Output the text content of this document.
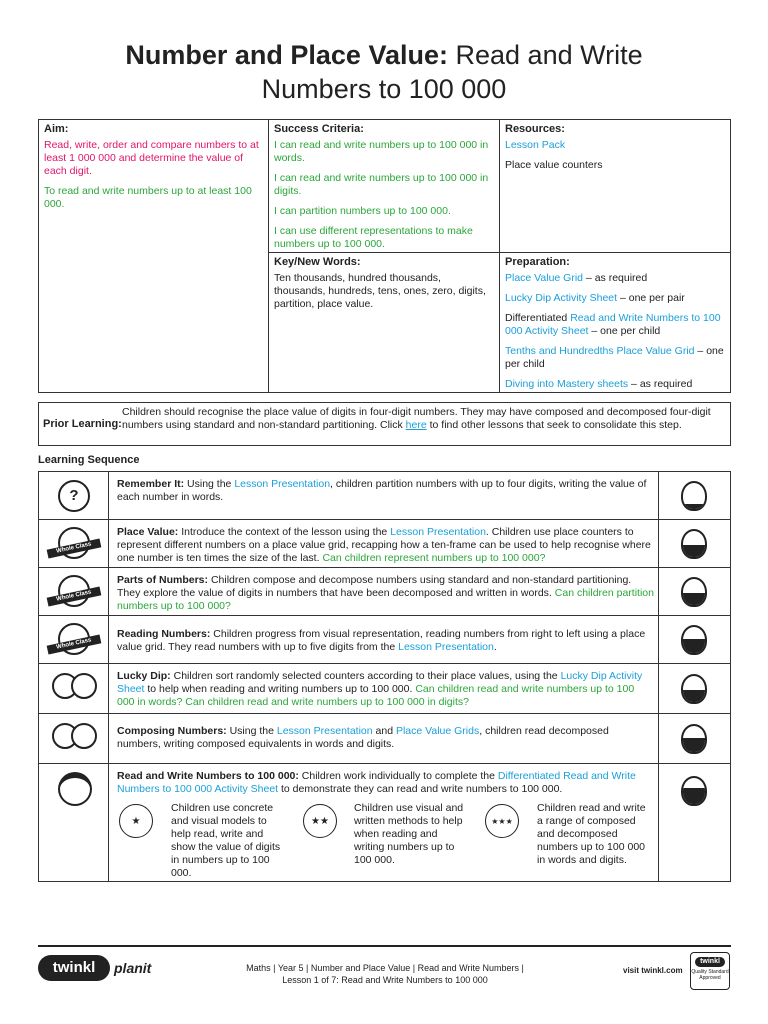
Number and Place Value: Read and Write
Numbers to 100 000
Aim:

Read, write, order and compare numbers to at least 1 000 000 and determine the value of each digit.

To read and write numbers up to at least 100 000.

Success Criteria:

I can read and write numbers up to 100 000 in words.

I can read and write numbers up to 100 000 in digits.

I can partition numbers up to 100 000.

I can use different representations to make numbers up to 100 000.

Resources:

Lesson Pack

Place value counters

Key/New Words:

Ten thousands, hundred thousands, thousands, hundreds, tens, ones, zero, digits, partition, place value.

Preparation:

Place Value Grid – as required

Lucky Dip Activity Sheet – one per pair

Differentiated Read and Write Numbers to 100 000 Activity Sheet – one per child

Tenths and Hundredths Place Value Grid – one per child

Diving into Mastery sheets – as required

Prior Learning:
Children should recognise the place value of digits in four-digit numbers. They may have composed and decomposed four-digit numbers using standard and non-standard partitioning. Click here to find other lessons that seek to consolidate this step.
Learning Sequence
?
Remember It: Using the Lesson Presentation, children partition numbers with up to four digits, writing the value of each number in words.
Whole Class
Place Value: Introduce the context of the lesson using the Lesson Presentation. Children use place counters to represent different numbers on a place value grid, recapping how a ten-frame can be used to help recognise where one number is ten times the size of the last. Can children represent numbers up to 100 000?
Whole Class
Parts of Numbers: Children compose and decompose numbers using standard and non-standard partitioning. They explore the value of digits in numbers that have been decomposed and written in words. Can children partition numbers up to 100 000?
Whole Class
Reading Numbers: Children progress from visual representation, reading numbers from right to left using a place value grid. They read numbers with up to five digits from the Lesson Presentation.
Lucky Dip: Children sort randomly selected counters according to their place values, using the Lucky Dip Activity Sheet to help when reading and writing numbers up to 100 000. Can children read and write numbers up to 100 000 in words? Can children read and write numbers up to 100 000 in digits?
Composing Numbers: Using the Lesson Presentation and Place Value Grids, children read decomposed numbers, writing composed equivalents in words and digits.
Read and Write Numbers to 100 000: Children work individually to complete the Differentiated Read and Write Numbers to 100 000 Activity Sheet to demonstrate they can read and write numbers to 100 000.
★
Children use concrete and visual models to help read, write and show the value of digits in numbers up to 100 000.
★★
Children use visual and written methods to help when reading and writing numbers up to 100 000.
★★★
Children read and write a range of composed and decomposed numbers up to 100 000 in words and digits.
twinkl	planit	Maths | Year 5 | Number and Place Value | Read and Write Numbers |
Lesson 1 of 7: Read and Write Numbers to 100 000
visit twinkl.com
twinkl
Quality Standard Approved
